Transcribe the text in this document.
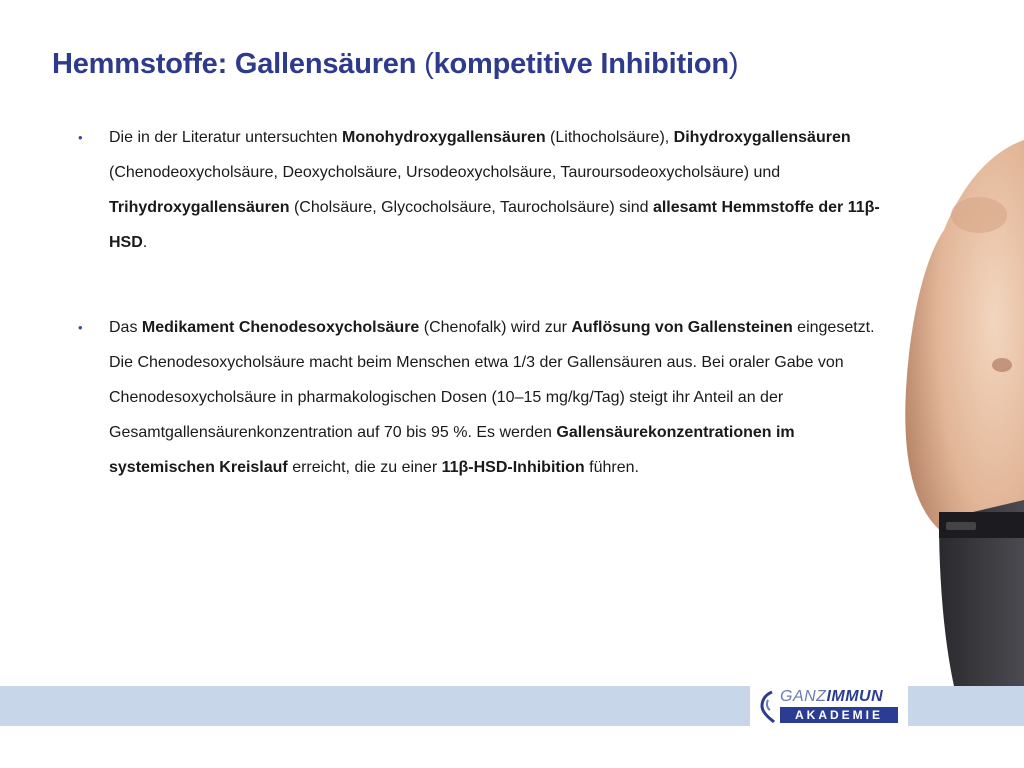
Hemmstoffe: Gallensäuren (kompetitive Inhibition)
• Die in der Literatur untersuchten Monohydroxygallensäuren (Lithocholsäure), Dihydroxygallensäuren (Chenodeoxycholsäure, Deoxycholsäure, Ursodeoxycholsäure, Tauroursodeoxycholsäure) und Trihydroxygallensäuren (Cholsäure, Glycocholsäure, Taurocholsäure) sind allesamt Hemmstoffe der 11β-HSD.
• Das Medikament Chenodesoxycholsäure (Chenofalk) wird zur Auflösung von Gallensteinen eingesetzt. Die Chenodesoxycholsäure macht beim Menschen etwa 1/3 der Gallensäuren aus. Bei oraler Gabe von Chenodesoxycholsäure in pharmakologischen Dosen (10–15 mg/kg/Tag) steigt ihr Anteil an der Gesamtgallensäurenkonzentration auf 70 bis 95 %. Es werden Gallensäurekonzentrationen im systemischen Kreislauf erreicht, die zu einer 11β-HSD-Inhibition führen.
GANZIMMUN
AKADEMIE
